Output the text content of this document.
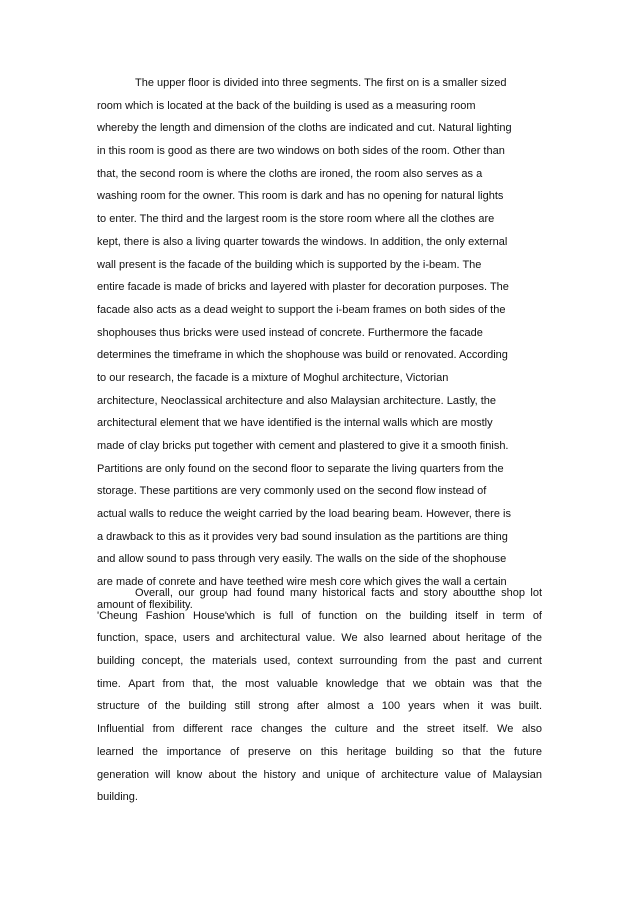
The upper floor is divided into three segments. The first on is a smaller sized
room which is located at the back of the building is used as a measuring room
whereby the length and dimension of the cloths are indicated and cut. Natural lighting
in this room is good as there are two windows on both sides of the room. Other than
that, the second room is where the cloths are ironed, the room also serves as a
washing room for the owner. This room is dark and has no opening for natural lights
to enter. The third and the largest room is the store room where all the clothes are
kept, there is also a living quarter towards the windows. In addition, the only external
wall present is the facade of the building which is supported by the i-beam. The
entire facade is made of bricks and layered with plaster for decoration purposes. The
facade also acts as a dead weight to support the i-beam frames on both sides of the
shophouses thus bricks were used instead of concrete. Furthermore the facade
determines the timeframe in which the shophouse was build or renovated. According
to our research, the facade is a mixture of Moghul architecture, Victorian
architecture, Neoclassical architecture and also Malaysian architecture. Lastly, the
architectural element that we have identified is the internal walls which are mostly
made of clay bricks put together with cement and plastered to give it a smooth finish.
Partitions are only found on the second floor to separate the living quarters from the
storage. These partitions are very commonly used on the second flow instead of
actual walls to reduce the weight carried by the load bearing beam. However, there is
a drawback to this as it provides very bad sound insulation as the partitions are thing
and allow sound to pass through very easily. The walls on the side of the shophouse
are made of conrete and have teethed wire mesh core which gives the wall a certain
amount of flexibility.
Overall, our group had found many historical facts and story aboutthe shop lot
'Cheung Fashion House'which is full of function on the building itself in term of
function, space, users and architectural value. We also learned about heritage of the
building concept, the materials used, context surrounding from the past and current
time. Apart from that, the most valuable knowledge that we obtain was that the
structure of the building still strong after almost a 100 years when it was built.
Influential from different race changes the culture and the street itself. We also
learned the importance of preserve on this heritage building so that the future
generation will know about the history and unique of architecture value of Malaysian
building.
